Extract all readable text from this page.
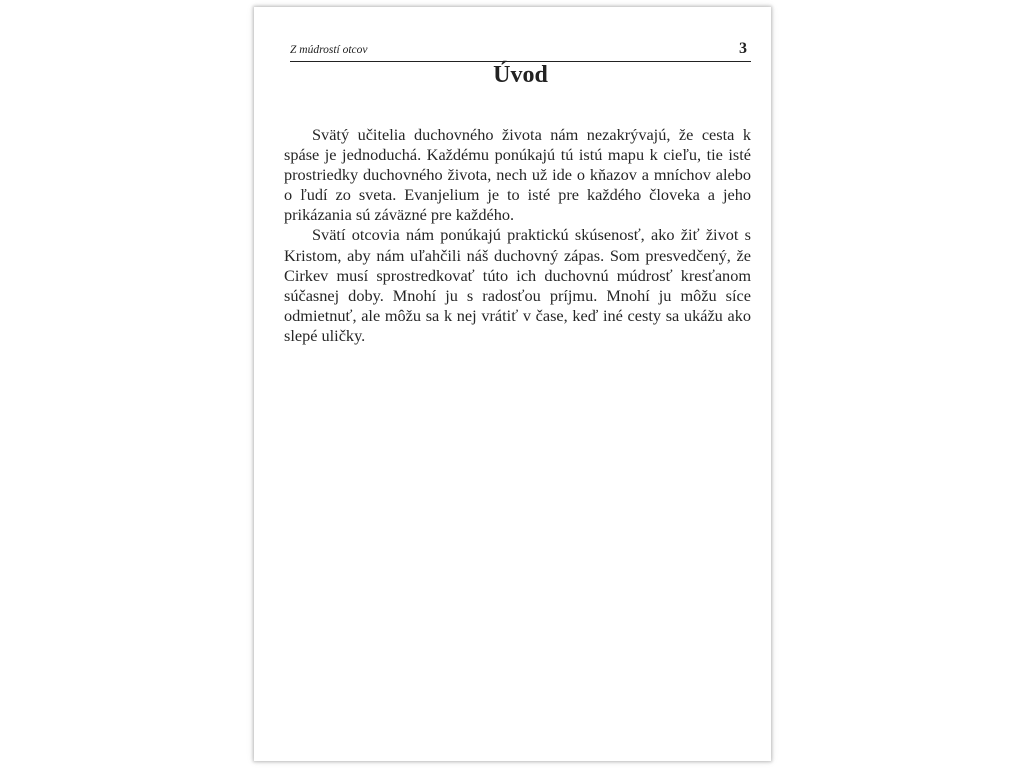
Z múdrostí otcov	3
Úvod

Svätý učitelia duchovného života nám nezakrývajú, že cesta k spáse je jednoduchá. Každému ponúkajú tú istú mapu k cieľu, tie isté prostriedky duchovného života, nech už ide o kňazov a mníchov alebo o ľudí zo sveta. Evanjelium je to isté pre každého človeka a jeho prikázania sú záväzné pre každého.

Svätí otcovia nám ponúkajú praktickú skúsenosť, ako žiť život s Kristom, aby nám uľahčili náš duchovný zápas. Som presvedčený, že Cirkev musí sprostredkovať túto ich duchovnú múdrosť kresťanom súčasnej doby. Mnohí ju s radosťou príjmu. Mnohí ju môžu síce odmietnuť, ale môžu sa k nej vrátiť v čase, keď iné cesty sa ukážu ako slepé uličky.
